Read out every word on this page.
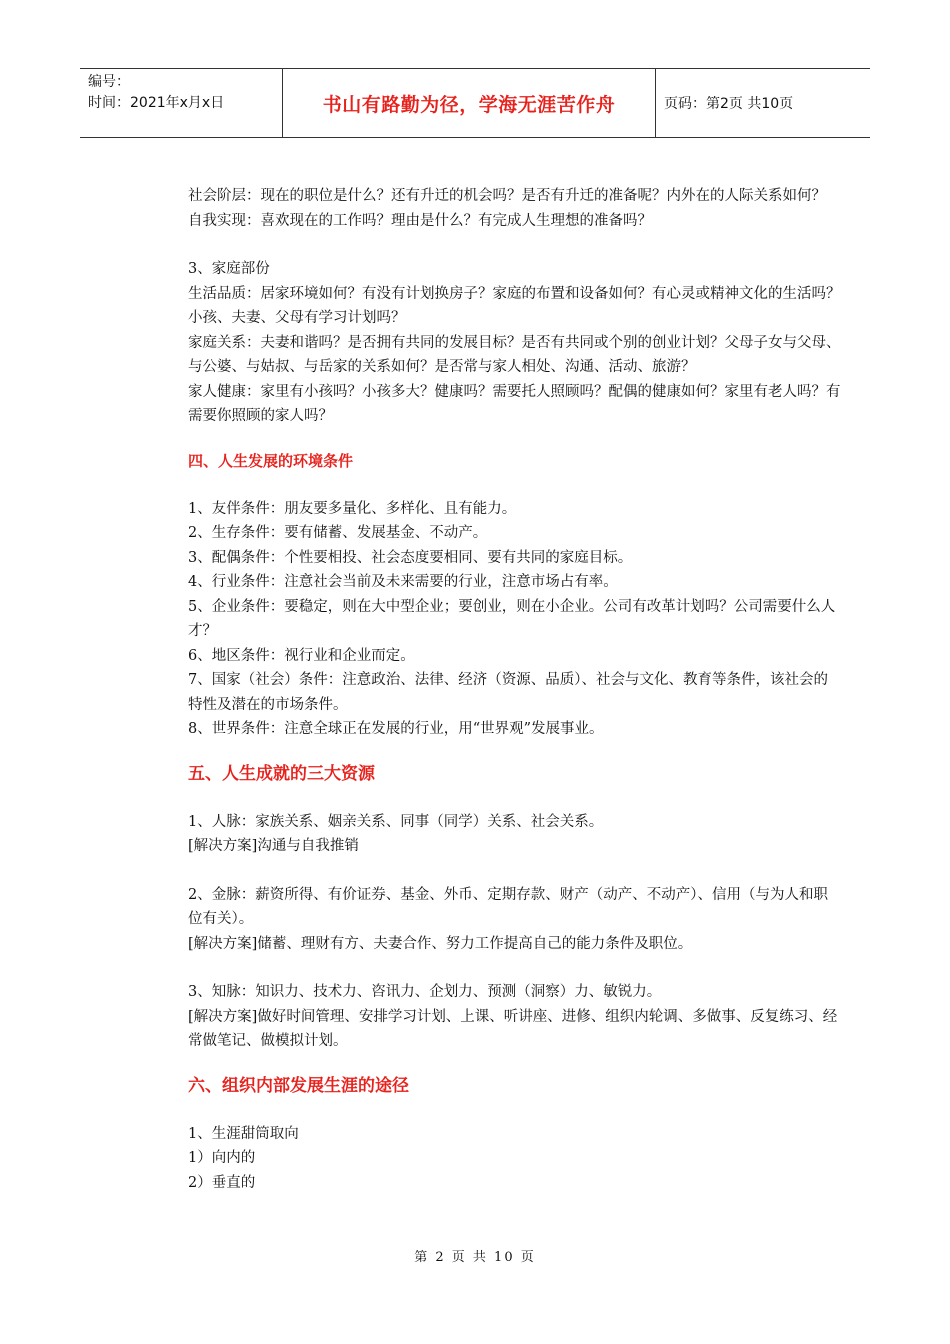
编号：
时间：2021年x月x日	书山有路勤为径，学海无涯苦作舟	页码：第2页 共10页
社会阶层：现在的职位是什么？还有升迁的机会吗？是否有升迁的准备呢？内外在的人际关系如何？
自我实现：喜欢现在的工作吗？理由是什么？有完成人生理想的准备吗？
3、家庭部份
生活品质：居家环境如何？有没有计划换房子？家庭的布置和设备如何？有心灵或精神文化的生活吗？
小孩、夫妻、父母有学习计划吗？
家庭关系：夫妻和谐吗？是否拥有共同的发展目标？是否有共同或个别的创业计划？父母子女与父母、
与公婆、与姑叔、与岳家的关系如何？是否常与家人相处、沟通、活动、旅游？
家人健康：家里有小孩吗？小孩多大？健康吗？需要托人照顾吗？配偶的健康如何？家里有老人吗？有
需要你照顾的家人吗？
四、人生发展的环境条件
1、友伴条件：朋友要多量化、多样化、且有能力。
2、生存条件：要有储蓄、发展基金、不动产。
3、配偶条件：个性要相投、社会态度要相同、要有共同的家庭目标。
4、行业条件：注意社会当前及未来需要的行业，注意市场占有率。
5、企业条件：要稳定，则在大中型企业；要创业，则在小企业。公司有改革计划吗？公司需要什么人
才？
6、地区条件：视行业和企业而定。
7、国家（社会）条件：注意政治、法律、经济（资源、品质）、社会与文化、教育等条件，该社会的
特性及潜在的市场条件。
8、世界条件：注意全球正在发展的行业，用“世界观”发展事业。
五、人生成就的三大资源
1、人脉：家族关系、姻亲关系、同事（同学）关系、社会关系。
[解决方案]沟通与自我推销
2、金脉：薪资所得、有价证券、基金、外币、定期存款、财产（动产、不动产）、信用（与为人和职
位有关）。
[解决方案]储蓄、理财有方、夫妻合作、努力工作提高自己的能力条件及职位。
3、知脉：知识力、技术力、咨讯力、企划力、预测（洞察）力、敏锐力。
[解决方案]做好时间管理、安排学习计划、上课、听讲座、进修、组织内轮调、多做事、反复练习、经
常做笔记、做模拟计划。
六、组织内部发展生涯的途径
1、生涯甜筒取向
1）向内的
2）垂直的
第 2 页 共 10 页
